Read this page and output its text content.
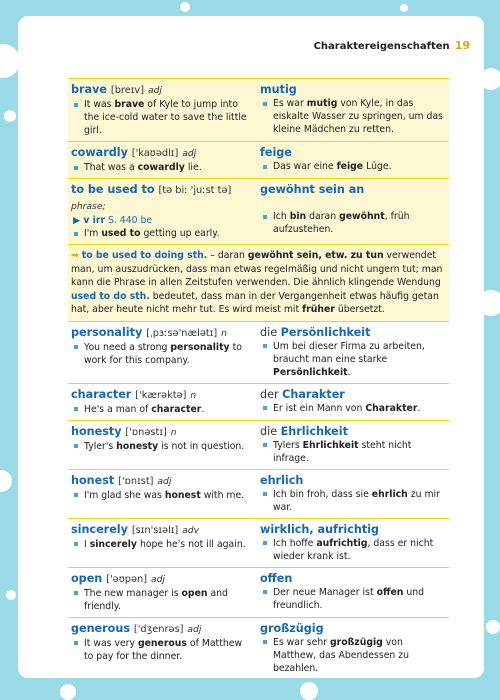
Charaktereigenschaften 19
brave [breɪv] adj
It was brave of Kyle to jump into the ice-cold water to save the little girl.
mutig
Es war mutig von Kyle, in das eiskalte Wasser zu springen, um das kleine Mädchen zu retten.
cowardly ['kaʊədlɪ] adj
That was a cowardly lie.
feige
Das war eine feige Lüge.
to be used to [tə biː 'juːst tə] phrase;
▶ v irr S. 440 be
I'm used to getting up early.
gewöhnt sein an
Ich bin daran gewöhnt, früh aufzustehen.
➡ to be used to doing sth. – daran gewöhnt sein, etw. zu tun verwendet man, um auszudrücken, dass man etwas regelmäßig und nicht ungern tut; man kann die Phrase in allen Zeitstufen verwenden. Die ähnlich klingende Wendung used to do sth. bedeutet, dass man in der Vergangenheit etwas häufig getan hat, aber heute nicht mehr tut. Es wird meist mit früher übersetzt.
personality [ˌpɜːsə'nælətɪ] n
You need a strong personality to work for this company.
die Persönlichkeit
Um bei dieser Firma zu arbeiten, braucht man eine starke Persönlichkeit.
character ['kærəktə] n
He's a man of character.
der Charakter
Er ist ein Mann von Charakter.
honesty ['ɒnəstɪ] n
Tyler's honesty is not in question.
die Ehrlichkeit
Tylers Ehrlichkeit steht nicht infrage.
honest ['ɒnɪst] adj
I'm glad she was honest with me.
ehrlich
Ich bin froh, dass sie ehrlich zu mir war.
sincerely [sɪn'sɪəlɪ] adv
I sincerely hope he's not ill again.
wirklich, aufrichtig
Ich hoffe aufrichtig, dass er nicht wieder krank ist.
open ['əʊpən] adj
The new manager is open and friendly.
offen
Der neue Manager ist offen und freundlich.
generous ['dʒenrəs] adj
It was very generous of Matthew to pay for the dinner.
großzügig
Es war sehr großzügig von Matthew, das Abendessen zu bezahlen.
